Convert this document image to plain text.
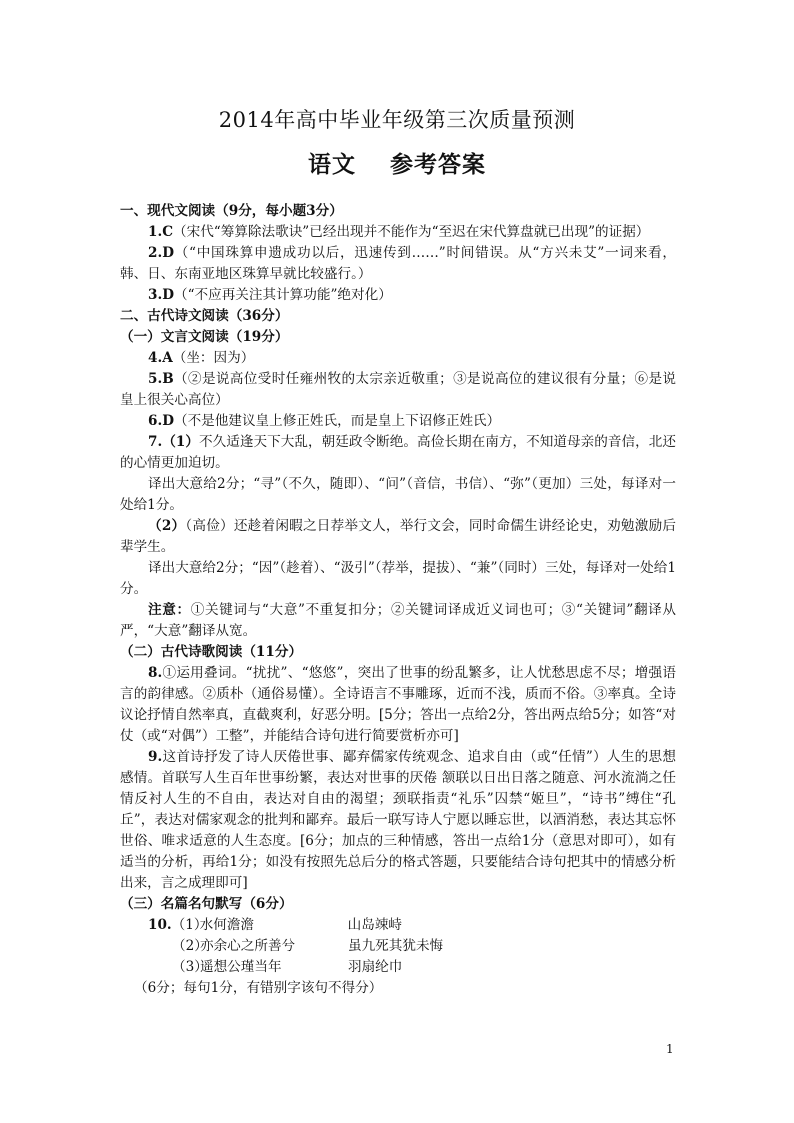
2014年高中毕业年级第三次质量预测
语文 参考答案

一、现代文阅读（9分，每小题3分）

1.C（宋代“筹算除法歌诀”已经出现并不能作为“至迟在宋代算盘就已出现”的证据）

2.D（“中国珠算申遗成功以后，迅速传到……”时间错误。从“方兴未艾”一词来看，韩、日、东南亚地区珠算早就比较盛行。）

3.D（“不应再关注其计算功能”绝对化）

二、古代诗文阅读（36分）

（一）文言文阅读（19分）

4.A（坐：因为）

5.B（②是说高位受时任雍州牧的太宗亲近敬重；③是说高位的建议很有分量；⑥是说皇上很关心高位）

6.D（不是他建议皇上修正姓氏，而是皇上下诏修正姓氏）

7.（1）不久适逢天下大乱，朝廷政令断绝。高俭长期在南方，不知道母亲的音信，北还的心情更加迫切。

译出大意给2分；“寻”（不久，随即）、“问”（音信，书信）、“弥”（更加）三处，每译对一处给1分。

（2）（高俭）还趁着闲暇之日荐举文人，举行文会，同时命儒生讲经论史，劝勉激励后辈学生。

译出大意给2分；“因”（趁着）、“汲引”（荐举，提拔）、“兼”（同时）三处，每译对一处给1分。

注意：①关键词与“大意”不重复扣分；②关键词译成近义词也可；③“关键词”翻译从严，“大意”翻译从宽。

（二）古代诗歌阅读（11分）

8.①运用叠词。“扰扰”、“悠悠”，突出了世事的纷乱繁多，让人忧愁思虑不尽；增强语言的韵律感。②质朴（通俗易懂）。全诗语言不事雕琢，近而不浅，质而不俗。③率真。全诗议论抒情自然率真，直截爽利，好恶分明。[5分；答出一点给2分，答出两点给5分；如答“对仗（或“对偶”）工整”，并能结合诗句进行简要赏析亦可]

9.这首诗抒发了诗人厌倦世事、鄙弃儒家传统观念、追求自由（或“任情”）人生的思想感情。首联写人生百年世事纷繁，表达对世事的厌倦 颔联以日出日落之随意、河水流淌之任情反衬人生的不自由，表达对自由的渴望；颈联指责“礼乐”囚禁“姬旦”，“诗书”缚住“孔丘”，表达对儒家观念的批判和鄙弃。最后一联写诗人宁愿以睡忘世，以酒消愁，表达其忘怀世俗、唯求适意的人生态度。[6分；加点的三种情感，答出一点给1分（意思对即可），如有适当的分析，再给1分；如没有按照先总后分的格式答题，只要能结合诗句把其中的情感分析出来，言之成理即可]

（三）名篇名句默写（6分）

10. （1）
水何澹澹	山岛竦峙
（2）
亦余心之所善兮	虽九死其犹未悔
（3）
遥想公瑾当年	羽扇纶巾

（6分；每句1分，有错别字该句不得分）

1
